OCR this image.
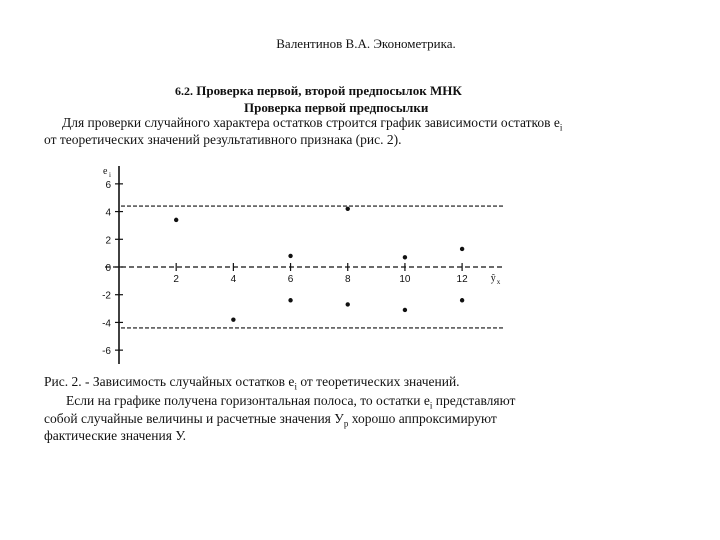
Валентинов В.А. Эконометрика.
6.2. Проверка первой, второй предпосылок МНК
Проверка первой предпосылки
Для проверки случайного характера остатков строится график зависимости остатков $e_i$
от теоретических значений результативного признака (рис. 2).
6
4
2
0
-2
-4
-6
2	4	6	8	10	12
e i
ŷ x
Рис. 2. - Зависимость случайных остатков $e_i$ от теоретических значений.
Если на графике получена горизонтальная полоса, то остатки $e_i$ представляют
собой случайные величины и расчетные значения $У_p$ хорошо аппроксимируют
фактические значения У.
